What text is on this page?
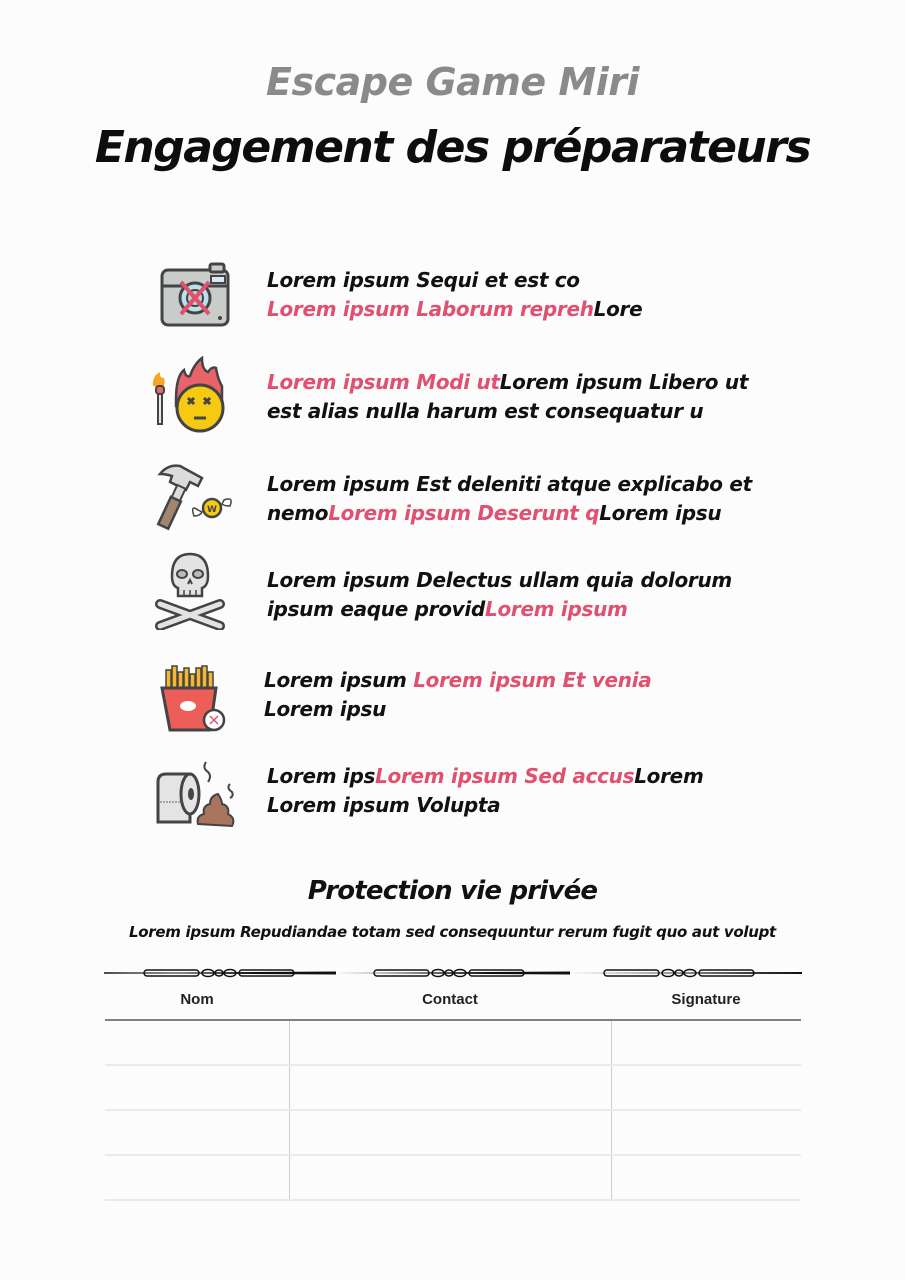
Escape Game Miri
Engagement des préparateurs
Lorem ipsum Sequi et est co
Lorem ipsum Laborum reprehLore
Lorem ipsum Modi utLorem ipsum Libero ut
est alias nulla harum est consequatur u
W
Lorem ipsum Est deleniti atque explicabo et
nemoLorem ipsum Deserunt qLorem ipsu
Lorem ipsum Delectus ullam quia dolorum
ipsum eaque providLorem ipsum
Lorem ipsum Lorem ipsum Et venia
Lorem ipsu
Lorem ipsLorem ipsum Sed accusLorem
Lorem ipsum Volupta
Protection vie privée
Lorem ipsum Repudiandae totam sed consequuntur rerum fugit quo aut volupt
Nom	Contact	Signature
